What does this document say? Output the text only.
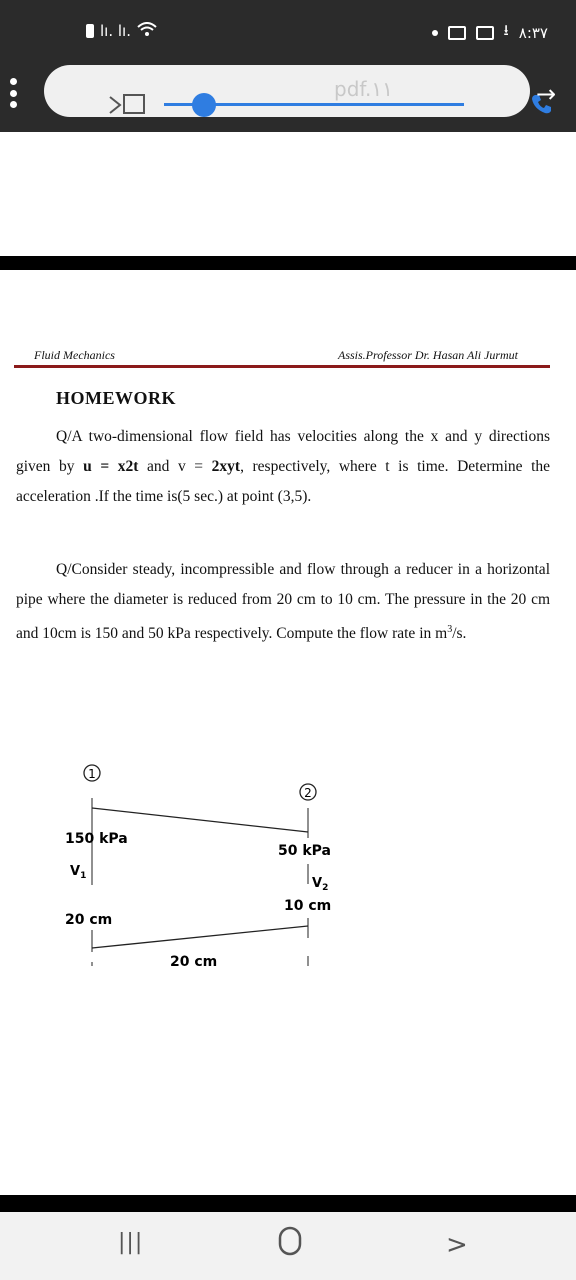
lı. lı.	⭳ ٨:٣٧
pdf.١١	→
Fluid Mechanics	Assis.Professor Dr. Hasan Ali Jurmut
HOMEWORK
Q/A two-dimensional flow field has velocities along the x and y directions given by u = x2t and v = 2xyt, respectively, where t is time. Determine the acceleration .If the time is(5 sec.) at point (3,5).
Q/Consider steady, incompressible and flow through a reducer in a horizontal pipe where the diameter is reduced from 20 cm to 10 cm. The pressure in the 20 cm and 10cm is 150 and 50 kPa respectively. Compute the flow rate in $m^3/s$.
1
2
150 kPa
50 kPa
$V_1$	$V_2$
20 cm
10 cm
20 cm
|||	>
